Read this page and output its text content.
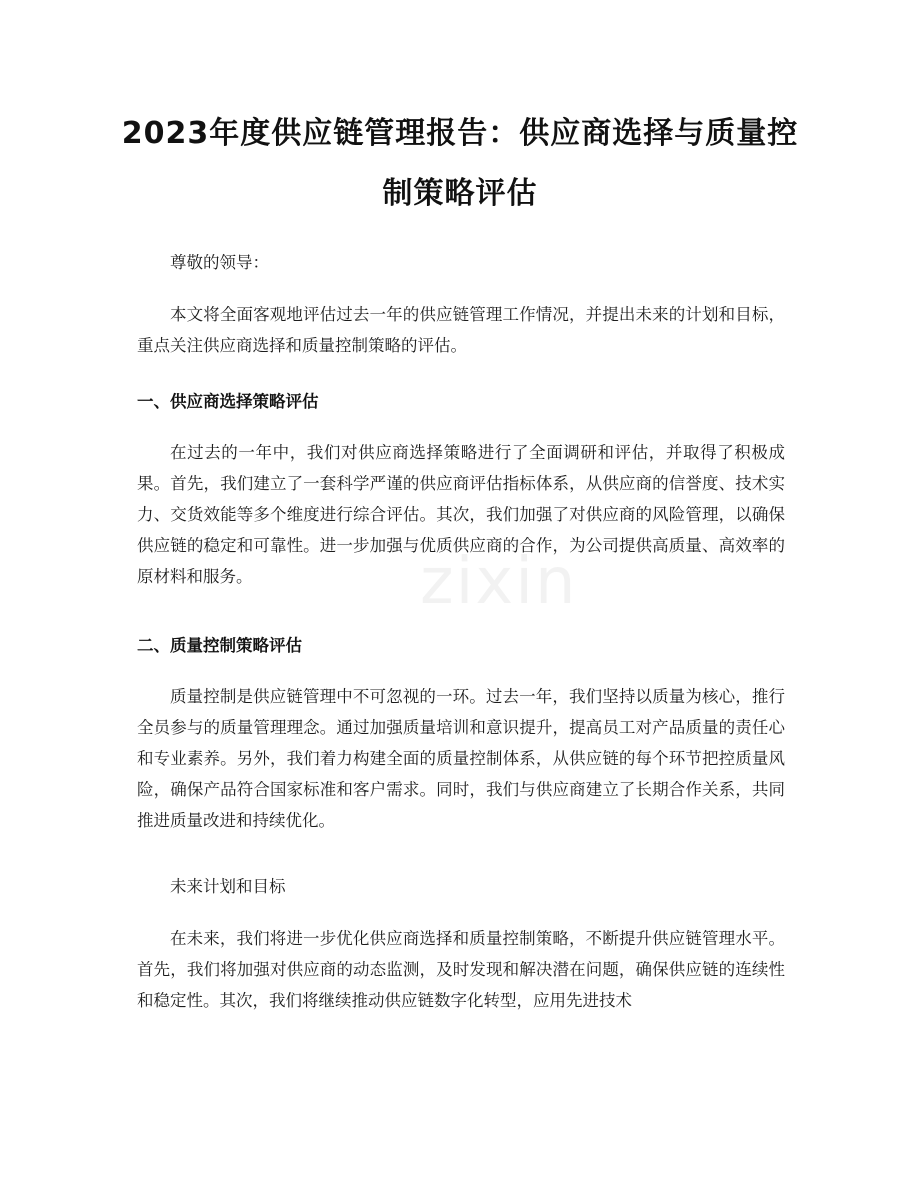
2023年度供应链管理报告：供应商选择与质量控制策略评估

尊敬的领导：

本文将全面客观地评估过去一年的供应链管理工作情况，并提出未来的计划和目标，重点关注供应商选择和质量控制策略的评估。

一、供应商选择策略评估

在过去的一年中，我们对供应商选择策略进行了全面调研和评估，并取得了积极成果。首先，我们建立了一套科学严谨的供应商评估指标体系，从供应商的信誉度、技术实力、交货效能等多个维度进行综合评估。其次，我们加强了对供应商的风险管理，以确保供应链的稳定和可靠性。进一步加强与优质供应商的合作，为公司提供高质量、高效率的原材料和服务。

二、质量控制策略评估

质量控制是供应链管理中不可忽视的一环。过去一年，我们坚持以质量为核心，推行全员参与的质量管理理念。通过加强质量培训和意识提升，提高员工对产品质量的责任心和专业素养。另外，我们着力构建全面的质量控制体系，从供应链的每个环节把控质量风险，确保产品符合国家标准和客户需求。同时，我们与供应商建立了长期合作关系，共同推进质量改进和持续优化。

未来计划和目标

在未来，我们将进一步优化供应商选择和质量控制策略，不断提升供应链管理水平。首先，我们将加强对供应商的动态监测，及时发现和解决潜在问题，确保供应链的连续性和稳定性。其次，我们将继续推动供应链数字化转型，应用先进技术

zixin
